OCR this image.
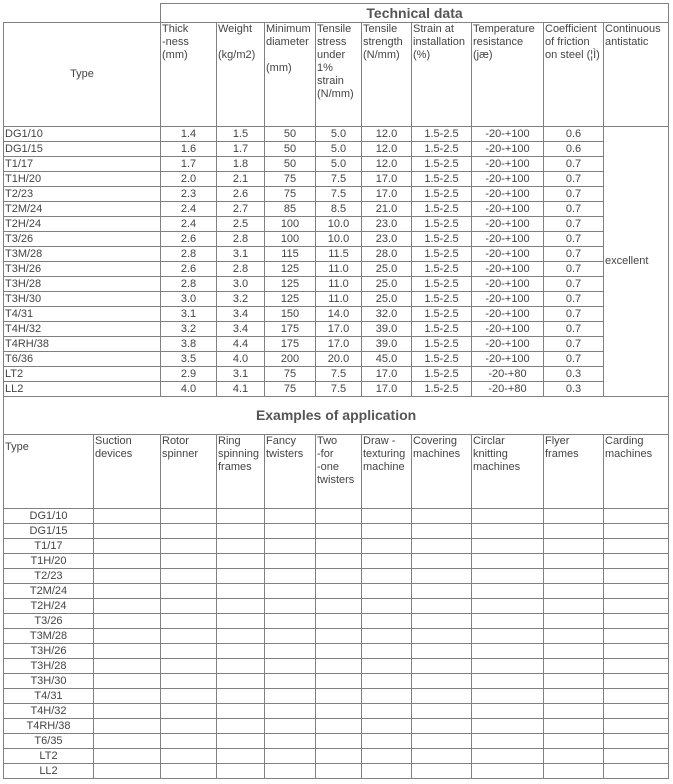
	Technical data								
Type	Thick
-ness
(mm)	Weight

(kg/m2)	Minimum diameter

(mm)	Tensile stress under 1% strain (N/mm)	Tensile strength (N/mm)	Strain at installation (%)	Temperature resistance (jæ)	Coefficient of friction on steel (¦Ì)	Continuous antistatic
DG1/10	1.4	1.5	50	5.0	12.0	1.5-2.5	-20-+100	0.6	excellent
DG1/15	1.6	1.7	50	5.0	12.0	1.5-2.5	-20-+100	0.6	
T1/17	1.7	1.8	50	5.0	12.0	1.5-2.5	-20-+100	0.7	
T1H/20	2.0	2.1	75	7.5	17.0	1.5-2.5	-20-+100	0.7	
T2/23	2.3	2.6	75	7.5	17.0	1.5-2.5	-20-+100	0.7	
T2M/24	2.4	2.7	85	8.5	21.0	1.5-2.5	-20-+100	0.7	
T2H/24	2.4	2.5	100	10.0	23.0	1.5-2.5	-20-+100	0.7	
T3/26	2.6	2.8	100	10.0	23.0	1.5-2.5	-20-+100	0.7	
T3M/28	2.8	3.1	115	11.5	28.0	1.5-2.5	-20-+100	0.7	
T3H/26	2.6	2.8	125	11.0	25.0	1.5-2.5	-20-+100	0.7	
T3H/28	2.8	3.0	125	11.0	25.0	1.5-2.5	-20-+100	0.7	
T3H/30	3.0	3.2	125	11.0	25.0	1.5-2.5	-20-+100	0.7	
T4/31	3.1	3.4	150	14.0	32.0	1.5-2.5	-20-+100	0.7	
T4H/32	3.2	3.4	175	17.0	39.0	1.5-2.5	-20-+100	0.7	
T4RH/38	3.8	4.4	175	17.0	39.0	1.5-2.5	-20-+100	0.7	
T6/36	3.5	4.0	200	20.0	45.0	1.5-2.5	-20-+100	0.7	
LT2	2.9	3.1	75	7.5	17.0	1.5-2.5	-20-+80	0.3	
LL2	4.0	4.1	75	7.5	17.0	1.5-2.5	-20-+80	0.3	
Examples of application										
Type	Suction devices	Rotor spinner	Ring spinning frames	Fancy twisters	Two
-for
-one twisters	Draw - texturing machine	Covering machines	Circlar knitting machines	Flyer frames	Carding machines
DG1/10										
DG1/15										
T1/17										
T1H/20										
T2/23										
T2M/24										
T2H/24										
T3/26										
T3M/28										
T3H/26										
T3H/28										
T3H/30										
T4/31										
T4H/32										
T4RH/38										
T6/35										
LT2										
LL2										
